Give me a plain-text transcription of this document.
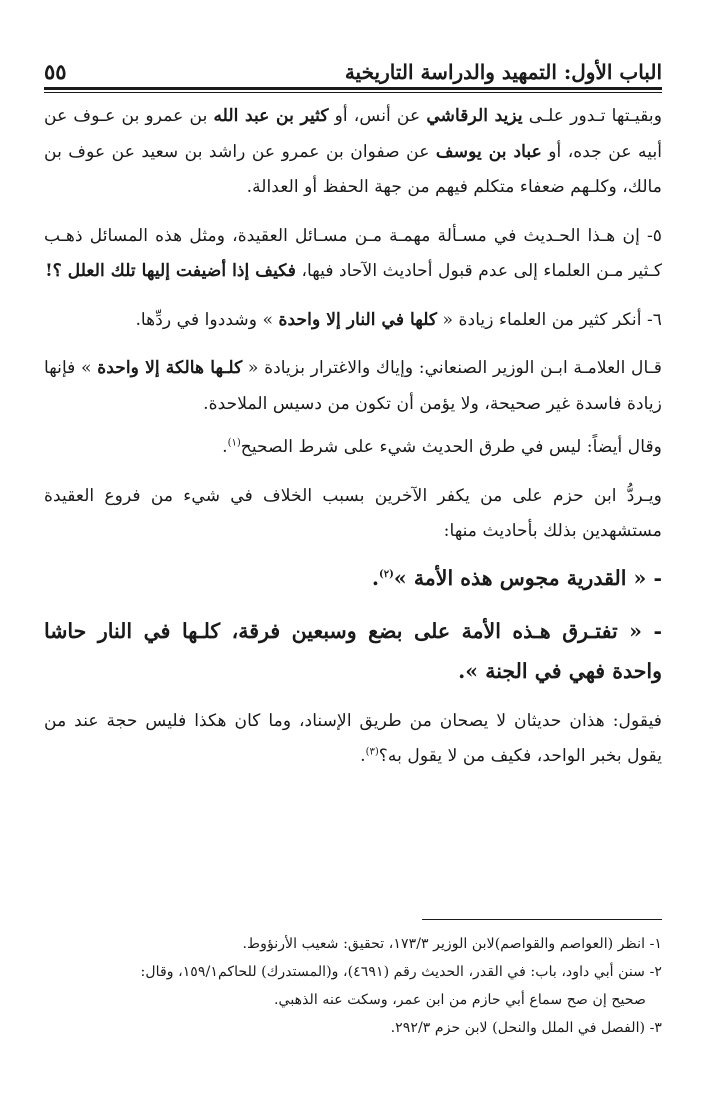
الباب الأول: التمهيد والدراسة التاريخية
٥٥

وبقيـتها تـدور علـى يزيد الرقاشي عن أنس، أو كثير بن عبد الله بن عمرو بن عـوف عن أبيه عن جده، أو عباد بن يوسف عن صفوان بن عمرو عن راشد بن سعيد عن عوف بن مالك، وكلـهم ضعفاء متكلم فيهم من جهة الحفظ أو العدالة.

٥- إن هـذا الحـديث في مسـألة مهمـة مـن مسـائل العقيدة، ومثل هذه المسائل ذهـب كـثير مـن العلماء إلى عدم قبول أحاديث الآحاد فيها، فكيف إذا أضيفت إليها تلك العلل ؟!

٦- أنكر كثير من العلماء زيادة « كلها في النار إلا واحدة » وشددوا في ردِّها.

قـال العلامـة ابـن الوزير الصنعاني: وإياك والاغترار بزيادة « كلـها هالكة إلا واحدة » فإنها زيادة فاسدة غير صحيحة، ولا يؤمن أن تكون من دسيس الملاحدة.

وقال أيضاً: ليس في طرق الحديث شيء على شرط الصحيح$^{(١)}$.

ويـردُّ ابن حزم على من يكفر الآخرين بسبب الخلاف في شيء من فروع العقيدة مستشهدين بذلك بأحاديث منها:

- « القدرية مجوس هذه الأمة »$^{(٢)}$.

- « تفتـرق هـذه الأمة على بضع وسبعين فرقة، كلـها في النار حاشا واحدة فهي في الجنة ».

فيقول: هذان حديثان لا يصحان من طريق الإسناد، وما كان هكذا فليس حجة عند من يقول بخبر الواحد، فكيف من لا يقول به؟$^{(٣)}$.

١- انظر (العواصم والقواصم)لابن الوزير ١٧٣/٣، تحقيق: شعيب الأرنؤوط.

٢- سنن أبي داود، باب: في القدر، الحديث رقم (٤٦٩١)، و(المستدرك) للحاكم١٥٩/١، وقال:

صحيح إن صح سماع أبي حازم من ابن عمر، وسكت عنه الذهبي.

٣- (الفصل في الملل والنحل) لابن حزم ٢٩٢/٣.
